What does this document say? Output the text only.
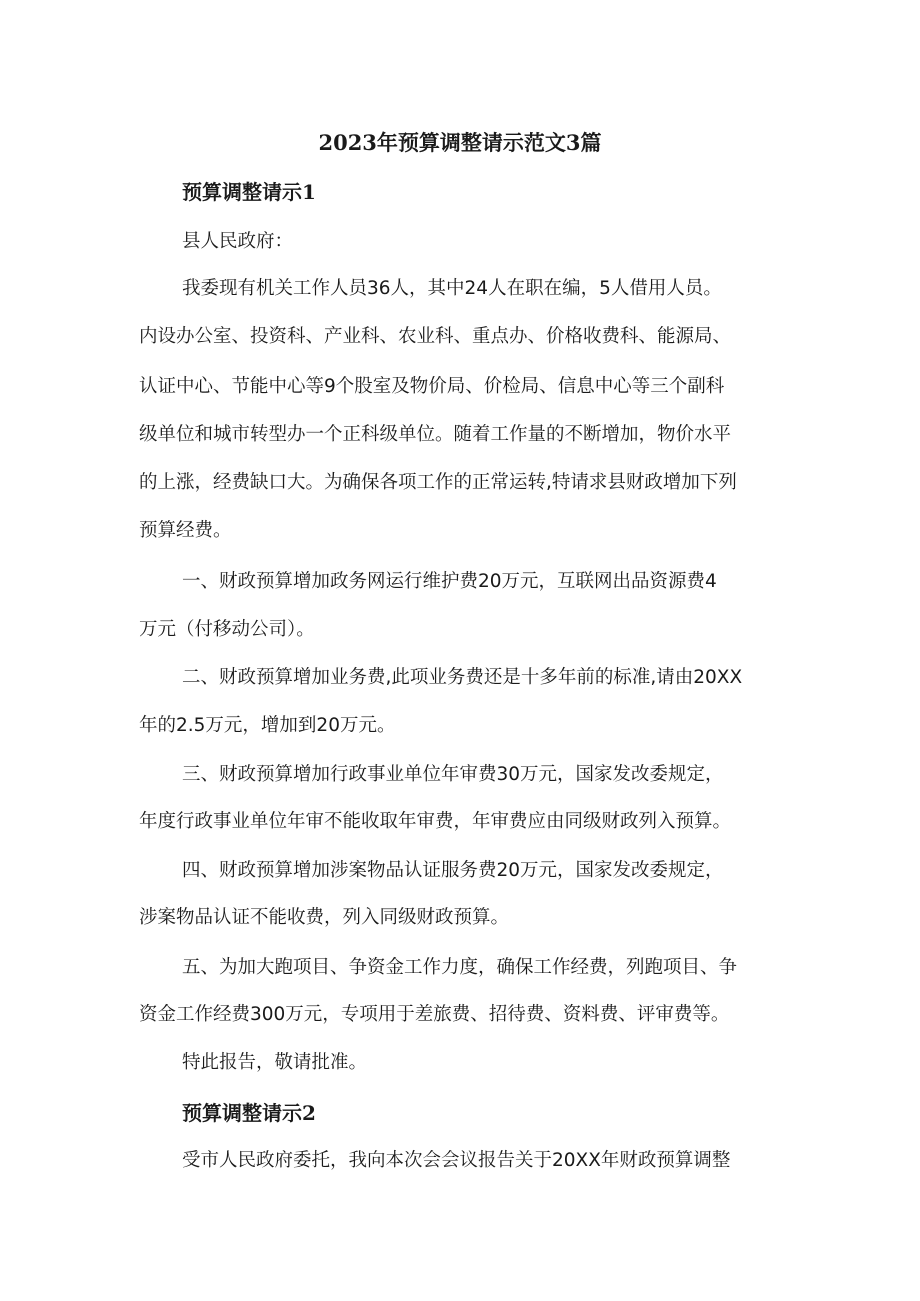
2023年预算调整请示范文3篇
预算调整请示1
县人民政府：
我委现有机关工作人员36人，其中24人在职在编，5人借用人员。
内设办公室、投资科、产业科、农业科、重点办、价格收费科、能源局、
认证中心、节能中心等9个股室及物价局、价检局、信息中心等三个副科
级单位和城市转型办一个正科级单位。随着工作量的不断增加，物价水平
的上涨，经费缺口大。为确保各项工作的正常运转,特请求县财政增加下列
预算经费。
一、财政预算增加政务网运行维护费20万元，互联网出品资源费4
万元（付移动公司）。
二、财政预算增加业务费,此项业务费还是十多年前的标准,请由20XX
年的2.5万元，增加到20万元。
三、财政预算增加行政事业单位年审费30万元，国家发改委规定，
年度行政事业单位年审不能收取年审费，年审费应由同级财政列入预算。
四、财政预算增加涉案物品认证服务费20万元，国家发改委规定，
涉案物品认证不能收费，列入同级财政预算。
五、为加大跑项目、争资金工作力度，确保工作经费，列跑项目、争
资金工作经费300万元，专项用于差旅费、招待费、资料费、评审费等。
特此报告，敬请批准。
预算调整请示2
受市人民政府委托，我向本次会会议报告关于20XX年财政预算调整
